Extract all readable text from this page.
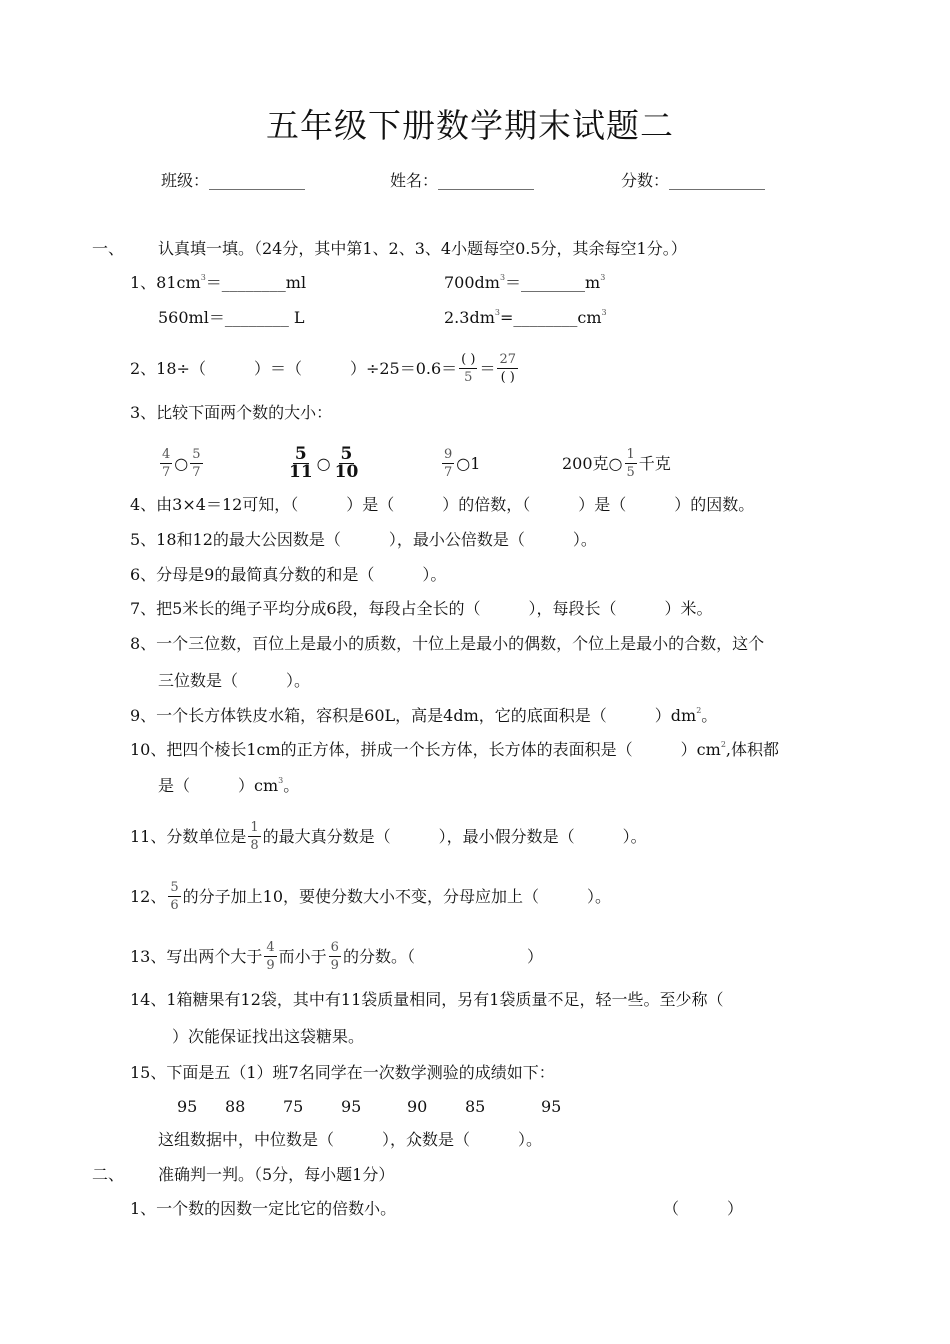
五年级下册数学期末试题二
班级：____________	姓名：____________	分数：____________
一、 认真填一填。（24分，其中第1、2、3、4小题每空0.5分，其余每空1分。）
1、$81cm^3=\_\_\_\_\_\_\_\_ml$	$700dm^3=\_\_\_\_\_\_\_\_m^3$
560ml＝________ L	$2.3dm^3=\_\_\_\_\_\_\_\_cm^3$
2、18÷（　　　）＝（　　　）$\div 25=0.6= \frac{( )}{5} = \frac{27}{( )}$
3、比较下面两个数的大小：
$\frac{4}{7}$ ○ $\frac{5}{7}$	$\frac{5}{11}$ ○ $\frac{5}{10}$	$\frac{9}{7}$ ○1	200克○ $\frac{1}{5}$ 千克
4、由3×4＝12可知，（　　　）是（　　　）的倍数，（　　　）是（　　　）的因数。
5、18和12的最大公因数是（　　　），最小公倍数是（　　　）。
6、分母是9的最简真分数的和是（　　　）。
7、把5米长的绳子平均分成6段，每段占全长的（　　　），每段长（　　　）米。
8、一个三位数，百位上是最小的质数，十位上是最小的偶数，个位上是最小的合数，这个
三位数是（　　　）。
9、一个长方体铁皮水箱，容积是60L，高是4dm，它的底面积是（　　　）$dm^2$。
10、把四个棱长1cm的正方体，拼成一个长方体，长方体的表面积是（　　　）$cm^2$,体积都
是（　　　）$cm^3$。
11、分数单位是 $\frac{1}{8}$ 的最大真分数是（　　　），最小假分数是（　　　）。
12、 $\frac{5}{6}$ 的分子加上10，要使分数大小不变，分母应加上（　　　）。
13、写出两个大于 $\frac{4}{9}$ 而小于 $\frac{6}{9}$ 的分数。（　　　　　　　）
14、1箱糖果有12袋，其中有11袋质量相同，另有1袋质量不足，轻一些。至少称（
）次能保证找出这袋糖果。
15、下面是五（1）班7名同学在一次数学测验的成绩如下：
95 88 75 95	90 85	95
这组数据中，中位数是（　　　），众数是（　　　）。
二、 准确判一判。（5分，每小题1分）
1、一个数的因数一定比它的倍数小。	（　　　）
